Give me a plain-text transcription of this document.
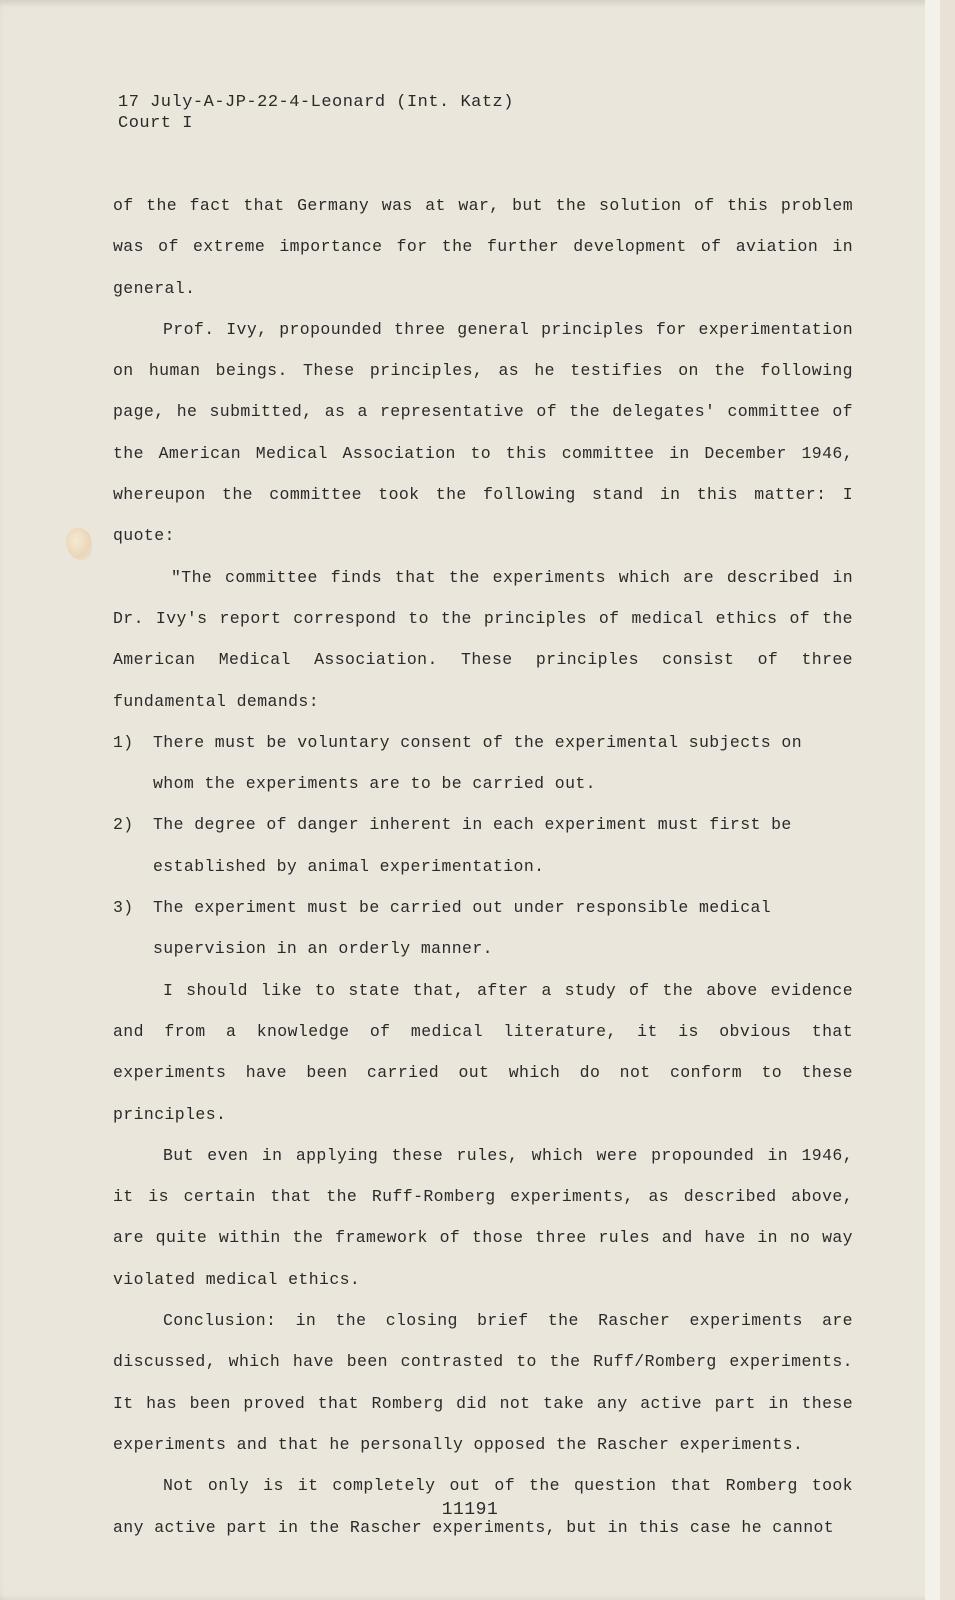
17 July-A-JP-22-4-Leonard (Int. Katz)
Court I

of the fact that Germany was at war, but the solution of this problem was of extreme importance for the further development of aviation in general.

Prof. Ivy, propounded three general principles for experimentation on human beings. These principles, as he testifies on the following page, he submitted, as a representative of the delegates' committee of the American Medical Association to this committee in December 1946, whereupon the committee took the following stand in this matter: I quote:

"The committee finds that the experiments which are described in Dr. Ivy's report correspond to the principles of medical ethics of the American Medical Association. These principles consist of three fundamental demands:

1) There must be voluntary consent of the experimental subjects on whom the experiments are to be carried out.
2) The degree of danger inherent in each experiment must first be established by animal experimentation.
3) The experiment must be carried out under responsible medical supervision in an orderly manner.

I should like to state that, after a study of the above evidence and from a knowledge of medical literature, it is obvious that experiments have been carried out which do not conform to these principles.

But even in applying these rules, which were propounded in 1946, it is certain that the Ruff-Romberg experiments, as described above, are quite within the framework of those three rules and have in no way violated medical ethics.

Conclusion: in the closing brief the Rascher experiments are discussed, which have been contrasted to the Ruff/Romberg experiments. It has been proved that Romberg did not take any active part in these experiments and that he personally opposed the Rascher experiments.

Not only is it completely out of the question that Romberg took any active part in the Rascher experiments, but in this case he cannot

11191
